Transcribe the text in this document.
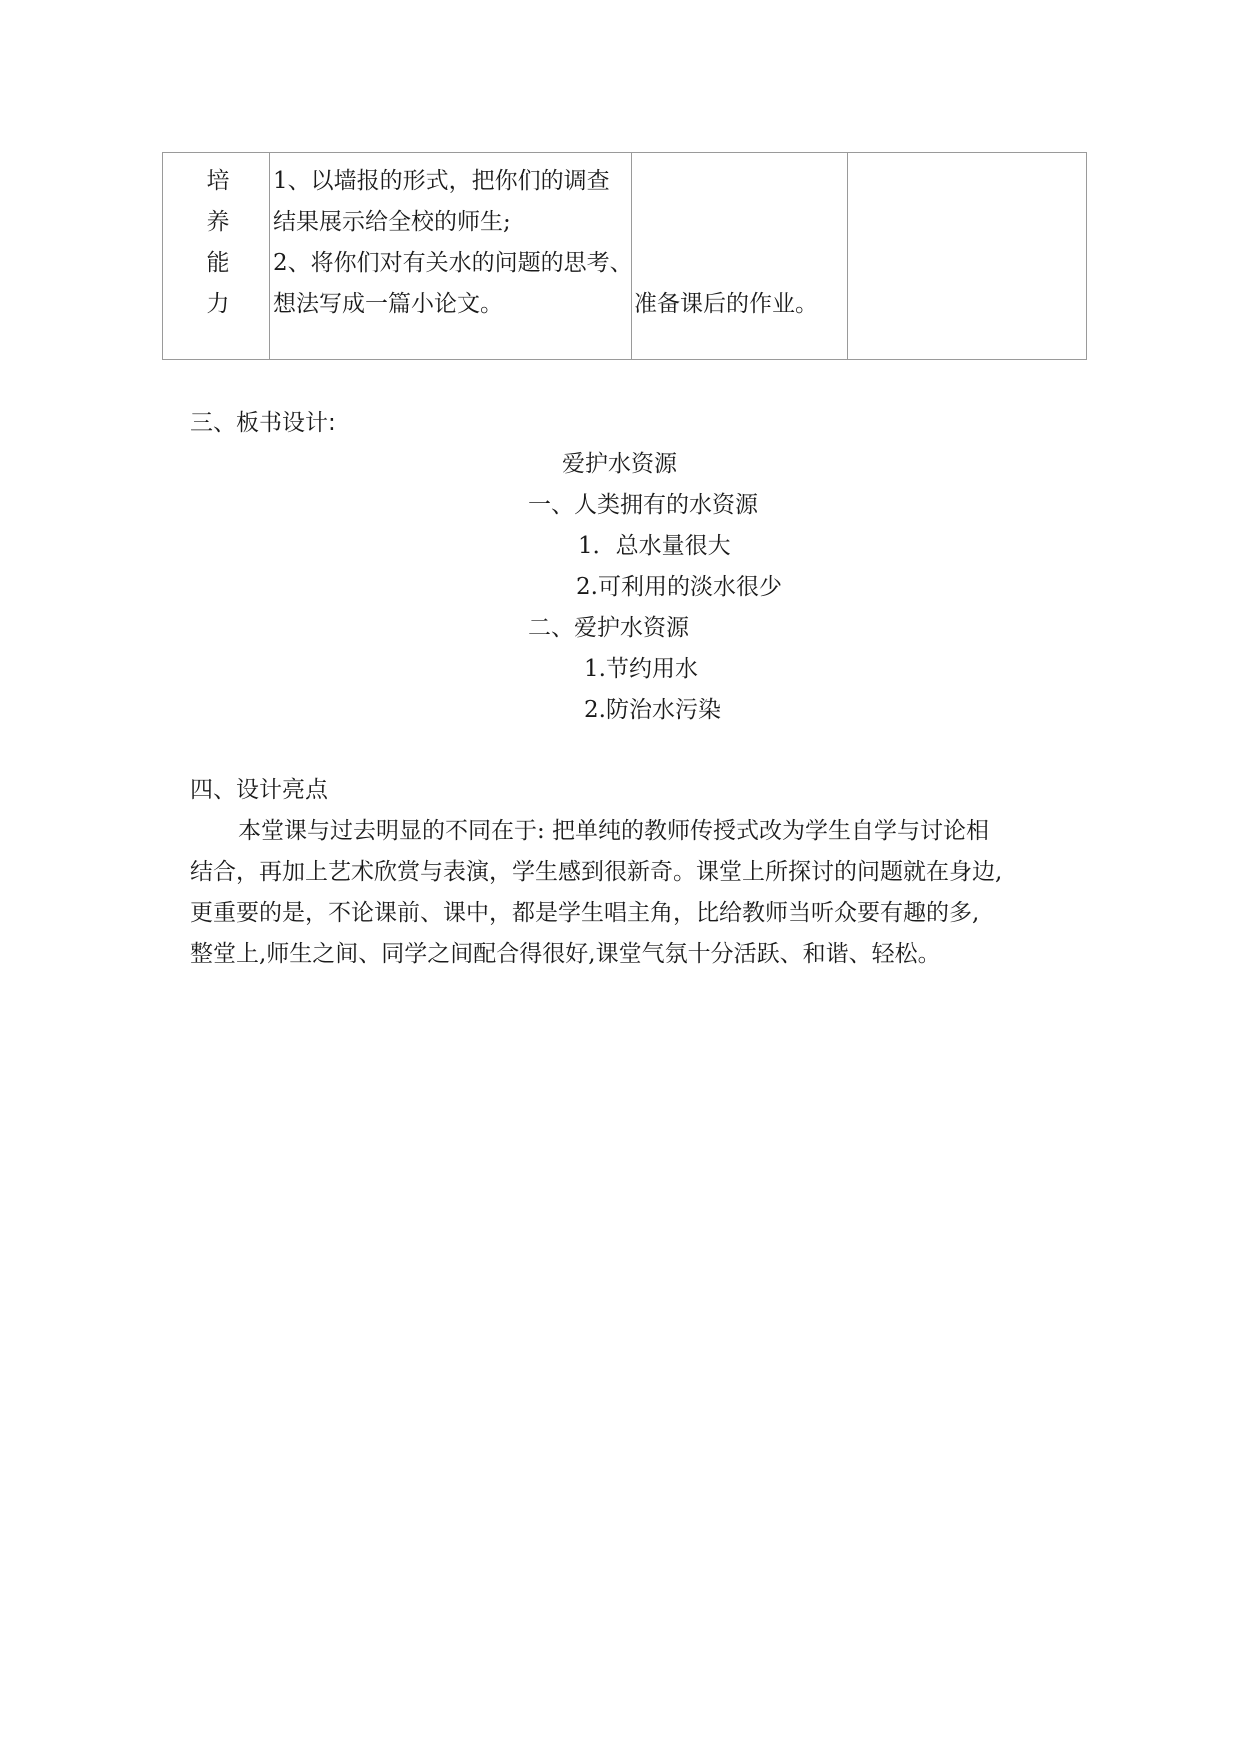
培
养
能
力
1、以墙报的形式，把你们的调查
结果展示给全校的师生;
2、将你们对有关水的问题的思考、
想法写成一篇小论文。	准备课后的作业。
三、板书设计:
爱护水资源
一、人类拥有的水资源
1．总水量很大
2.可利用的淡水很少
二、爱护水资源
1.节约用水
2.防治水污染
四、设计亮点
本堂课与过去明显的不同在于: 把单纯的教师传授式改为学生自学与讨论相
结合，再加上艺术欣赏与表演，学生感到很新奇。课堂上所探讨的问题就在身边,
更重要的是，不论课前、课中，都是学生唱主角，比给教师当听众要有趣的多,
整堂上,师生之间、同学之间配合得很好,课堂气氛十分活跃、和谐、轻松。
